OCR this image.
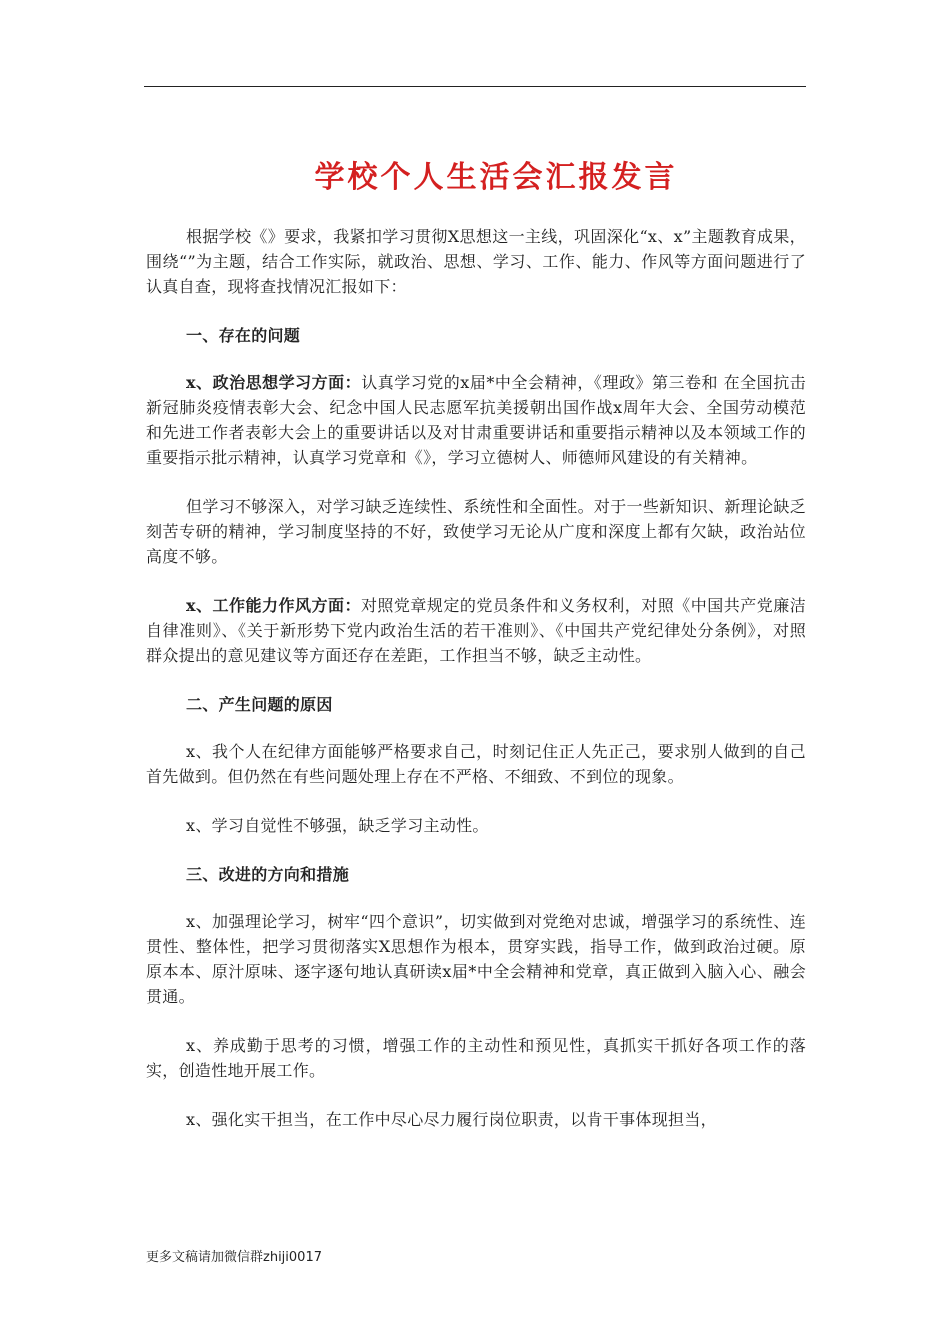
学校个人生活会汇报发言

根据学校《》要求，我紧扣学习贯彻X思想这一主线，巩固深化“x、x”主题教育成果，围绕“”为主题，结合工作实际，就政治、思想、学习、工作、能力、作风等方面问题进行了认真自查，现将查找情况汇报如下：

一、存在的问题

x、政治思想学习方面：认真学习党的x届*中全会精神，《理政》第三卷和 在全国抗击新冠肺炎疫情表彰大会、纪念中国人民志愿军抗美援朝出国作战x周年大会、全国劳动模范和先进工作者表彰大会上的重要讲话以及对甘肃重要讲话和重要指示精神以及本领域工作的重要指示批示精神，认真学习党章和《》，学习立德树人、师德师风建设的有关精神。

但学习不够深入，对学习缺乏连续性、系统性和全面性。对于一些新知识、新理论缺乏刻苦专研的精神，学习制度坚持的不好，致使学习无论从广度和深度上都有欠缺，政治站位高度不够。

x、工作能力作风方面：对照党章规定的党员条件和义务权利，对照《中国共产党廉洁自律准则》、《关于新形势下党内政治生活的若干准则》、《中国共产党纪律处分条例》，对照群众提出的意见建议等方面还存在差距，工作担当不够，缺乏主动性。

二、产生问题的原因

x、我个人在纪律方面能够严格要求自己，时刻记住正人先正己，要求别人做到的自己首先做到。但仍然在有些问题处理上存在不严格、不细致、不到位的现象。

x、学习自觉性不够强，缺乏学习主动性。

三、改进的方向和措施

x、加强理论学习，树牢“四个意识”，切实做到对党绝对忠诚，增强学习的系统性、连贯性、整体性，把学习贯彻落实X思想作为根本，贯穿实践，指导工作，做到政治过硬。原原本本、原汁原味、逐字逐句地认真研读x届*中全会精神和党章，真正做到入脑入心、融会贯通。

x、养成勤于思考的习惯，增强工作的主动性和预见性，真抓实干抓好各项工作的落实，创造性地开展工作。

x、强化实干担当，在工作中尽心尽力履行岗位职责，以肯干事体现担当，

更多文稿请加微信群zhiji0017
